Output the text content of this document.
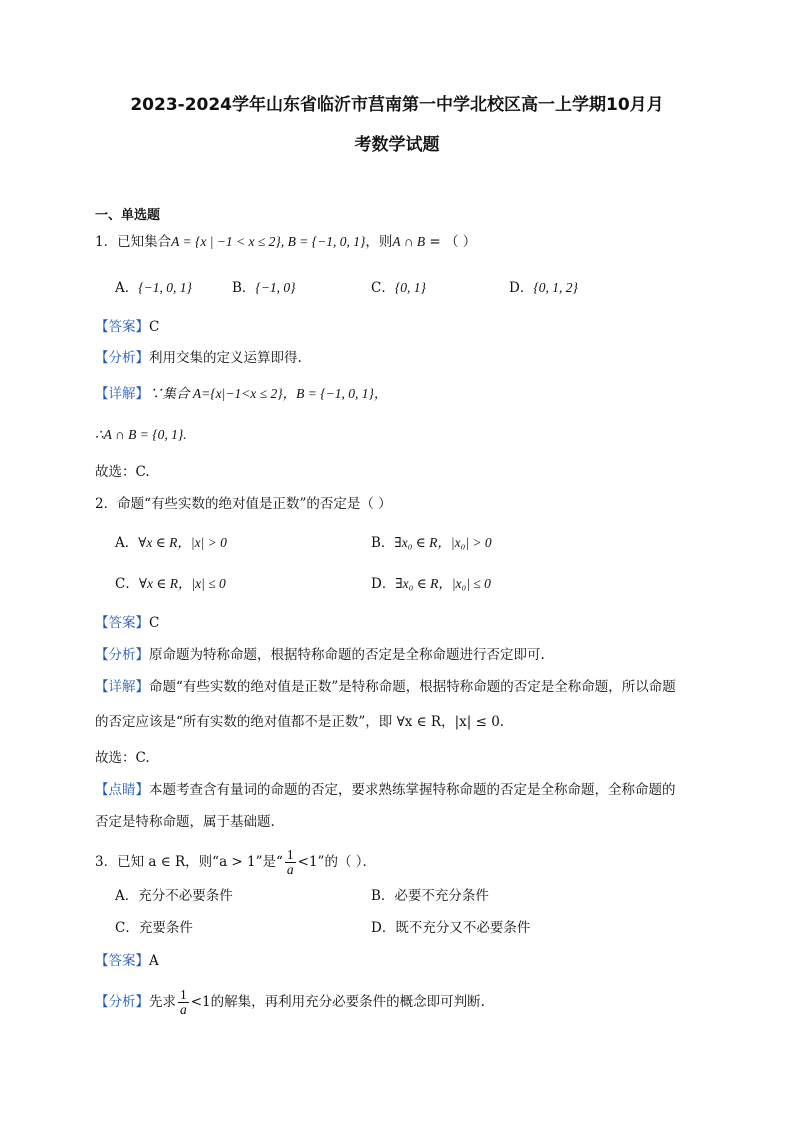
2023-2024学年山东省临沂市莒南第一中学北校区高一上学期10月月
考数学试题
一、单选题
1．已知集合A = {x | −1 < x ≤ 2}, B = {−1, 0, 1}，则A ∩ B = （ ）
A．{−1, 0, 1}	B．{−1, 0}	C．{0, 1}	D．{0, 1, 2}
【答案】C
【分析】利用交集的定义运算即得.
【详解】∵集合 A={x|−1<x ≤ 2}，B = {−1, 0, 1}，
∴A ∩ B = {0, 1}.
故选：C.
2．命题“有些实数的绝对值是正数”的否定是（ ）
A．∀x ∈ R，|x| > 0	B．∃x₀ ∈ R，|x₀| > 0
C．∀x ∈ R，|x| ≤ 0	D．∃x₀ ∈ R，|x₀| ≤ 0
【答案】C
【分析】原命题为特称命题，根据特称命题的否定是全称命题进行否定即可.
【详解】命题“有些实数的绝对值是正数”是特称命题，根据特称命题的否定是全称命题，所以命题
的否定应该是“所有实数的绝对值都不是正数”，即 ∀x ∈ R，|x| ≤ 0.
故选：C.
【点睛】本题考查含有量词的命题的否定，要求熟练掌握特称命题的否定是全称命题，全称命题的
否定是特称命题，属于基础题.
3．已知 a ∈ R，则“a > 1”是“ $\frac{1}{a} <1$”的（ ）．
A．充分不必要条件	B．必要不充分条件
C．充要条件	D．既不充分又不必要条件
【答案】A
【分析】先求 $\frac{1}{a} <1$的解集，再利用充分必要条件的概念即可判断.
